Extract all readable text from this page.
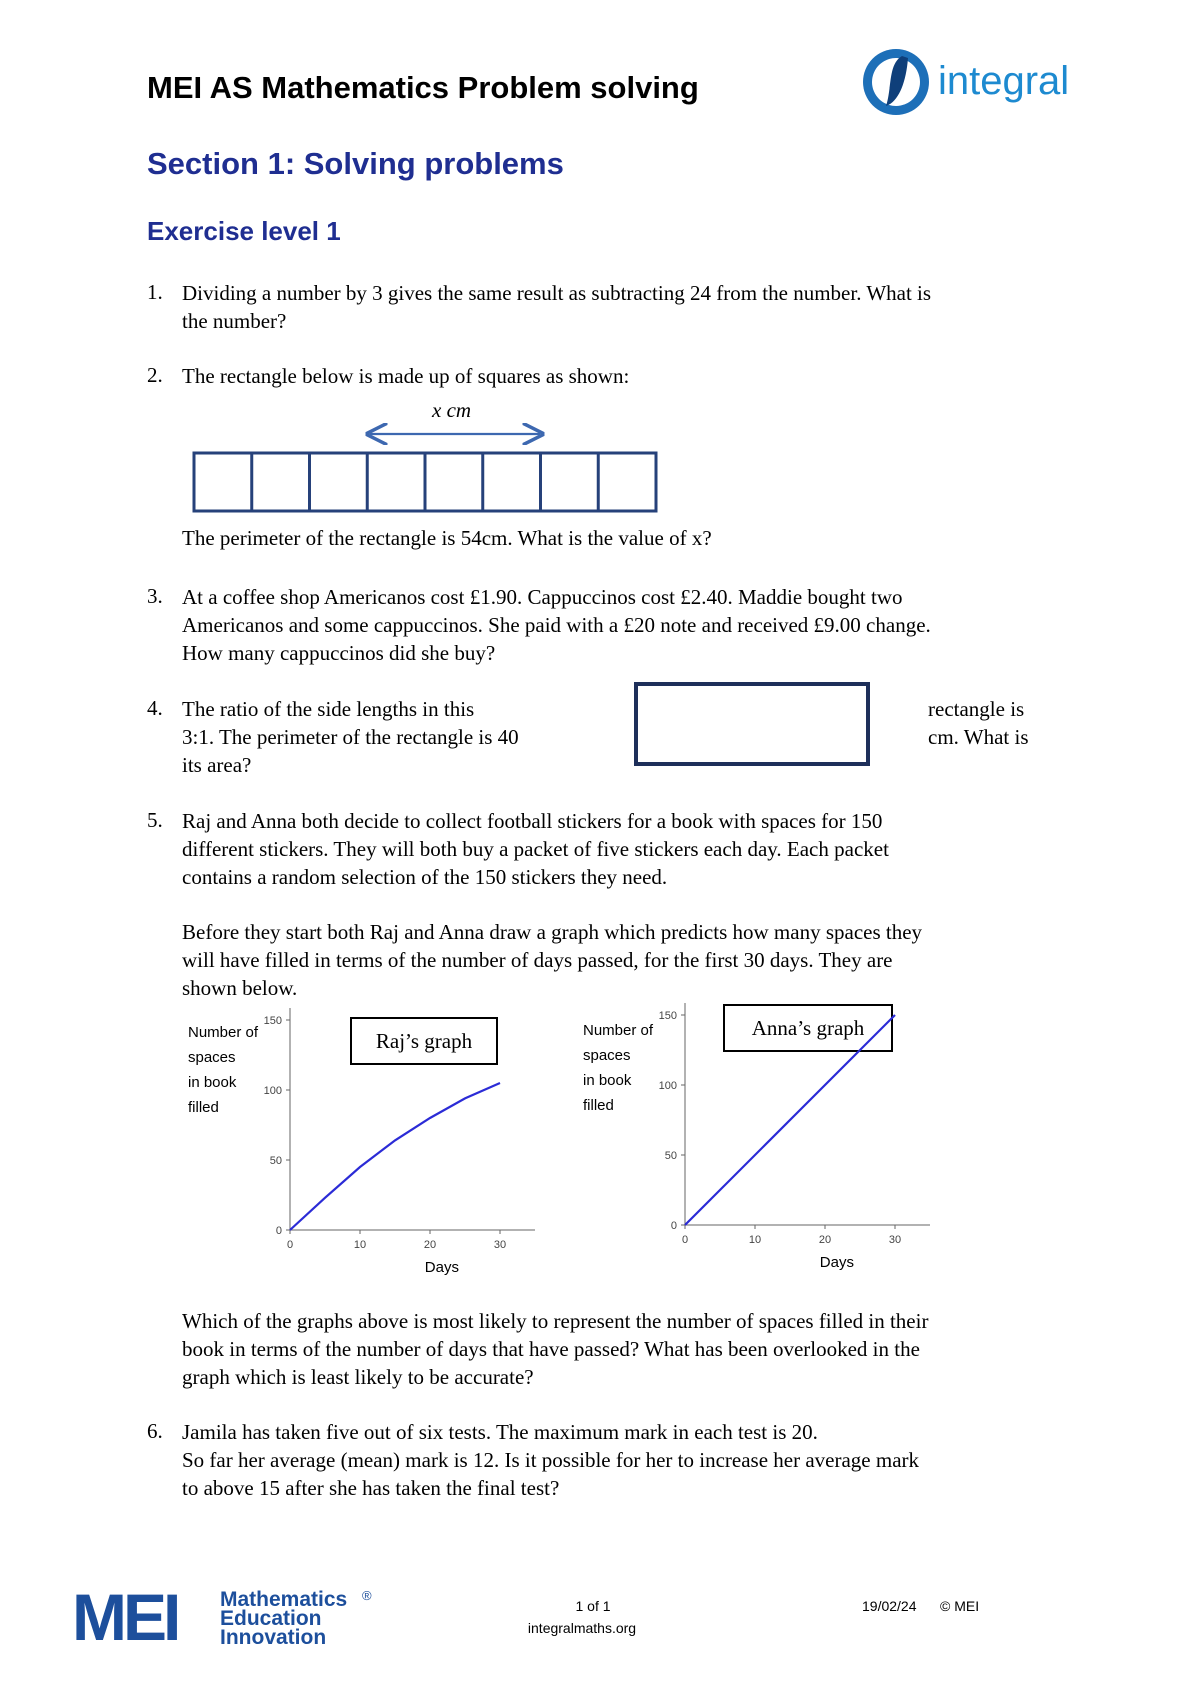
MEI AS Mathematics Problem solving	integral
Section 1: Solving problems
Exercise level 1
1. Dividing a number by 3 gives the same result as subtracting 24 from the number. What is
the number?
2. The rectangle below is made up of squares as shown:
x cm
The perimeter of the rectangle is 54cm. What is the value of x?
3. At a coffee shop Americanos cost £1.90. Cappuccinos cost £2.40. Maddie bought two
Americanos and some cappuccinos. She paid with a £20 note and received £9.00 change.
How many cappuccinos did she buy?
4. The ratio of the side lengths in this
3:1. The perimeter of the rectangle is 40
its area?
rectangle is
cm. What is
5. Raj and Anna both decide to collect football stickers for a book with spaces for 150
different stickers. They will both buy a packet of five stickers each day. Each packet
contains a random selection of the 150 stickers they need.
Before they start both Raj and Anna draw a graph which predicts how many spaces they
will have filled in terms of the number of days passed, for the first 30 days. They are
shown below.
Number of
spaces
in book
filled
Raj’s graph
0	10	20	30
0
50
100
150
Days
Number of
spaces
in book
filled
Anna’s graph
0	10	20	30
0
50
100
150
Days
Which of the graphs above is most likely to represent the number of spaces filled in their
book in terms of the number of days that have passed? What has been overlooked in the
graph which is least likely to be accurate?
6. Jamila has taken five out of six tests. The maximum mark in each test is 20.
So far her average (mean) mark is 12. Is it possible for her to increase her average mark
to above 15 after she has taken the final test?
MEI Mathematics
Education
Innovation
®
1 of 1
integralmaths.org
19/02/24 © MEI
